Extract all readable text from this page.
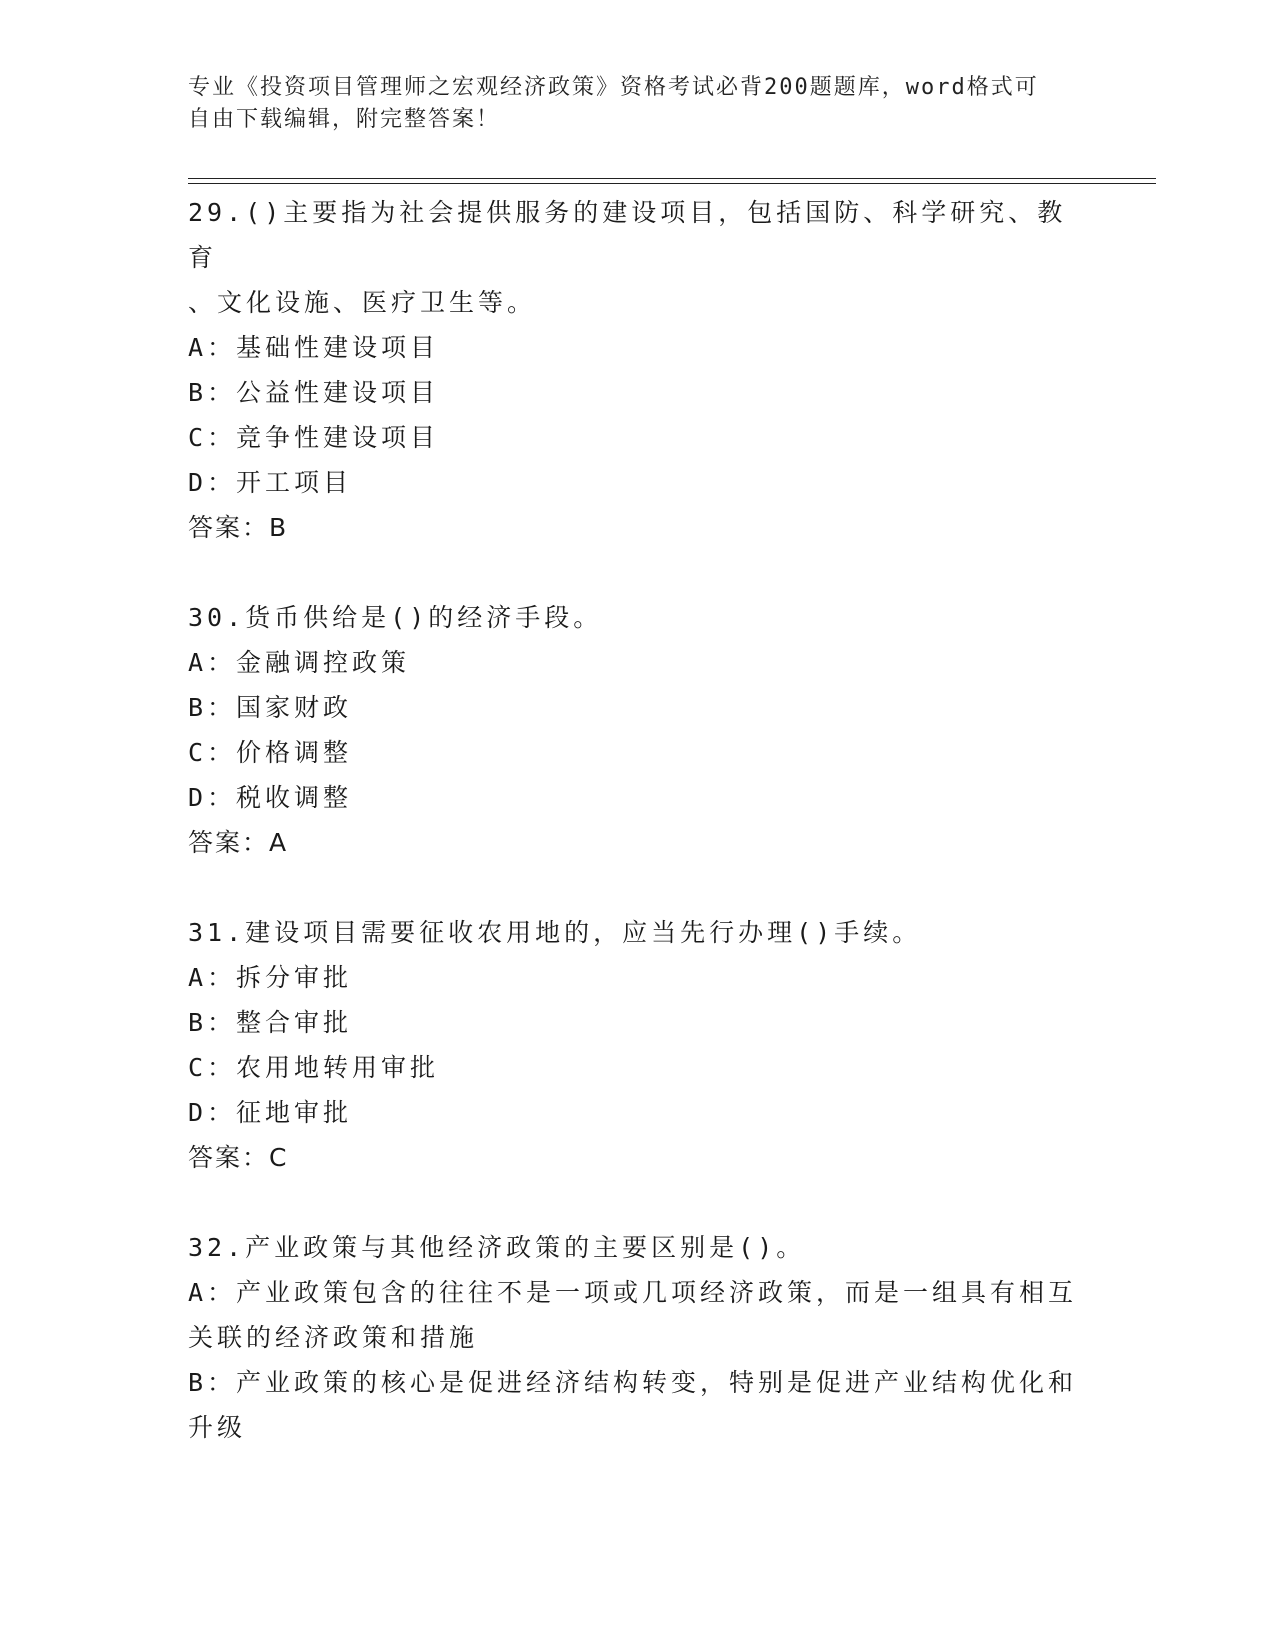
专业《投资项目管理师之宏观经济政策》资格考试必背200题题库，word格式可
自由下载编辑，附完整答案！
29.()主要指为社会提供服务的建设项目，包括国防、科学研究、教育
、文化设施、医疗卫生等。
A：基础性建设项目
B：公益性建设项目
C：竞争性建设项目
D：开工项目
答案：B
30.货币供给是()的经济手段。
A：金融调控政策
B：国家财政
C：价格调整
D：税收调整
答案：A
31.建设项目需要征收农用地的，应当先行办理()手续。
A：拆分审批
B：整合审批
C：农用地转用审批
D：征地审批
答案：C
32.产业政策与其他经济政策的主要区别是()。
A：产业政策包含的往往不是一项或几项经济政策，而是一组具有相互
关联的经济政策和措施
B：产业政策的核心是促进经济结构转变，特别是促进产业结构优化和
升级
